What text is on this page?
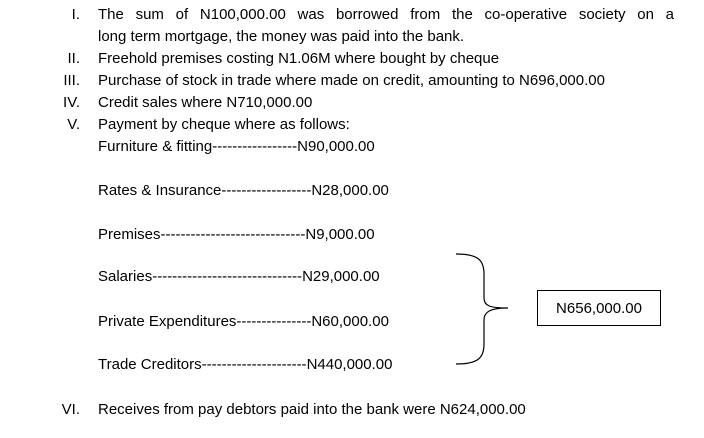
I. The sum of N100,000.00 was borrowed from the co-operative society on a
long term mortgage, the money was paid into the bank.
II. Freehold premises costing N1.06M where bought by cheque
III. Purchase of stock in trade where made on credit, amounting to N696,000.00
IV. Credit sales where N710,000.00
V. Payment by cheque where as follows:
Furniture & fitting-----------------N90,000.00
Rates & Insurance------------------N28,000.00
Premises-----------------------------N9,000.00
Salaries------------------------------N29,000.00
Private Expenditures---------------N60,000.00
Trade Creditors---------------------N440,000.00
N656,000.00
VI. Receives from pay debtors paid into the bank were N624,000.00
